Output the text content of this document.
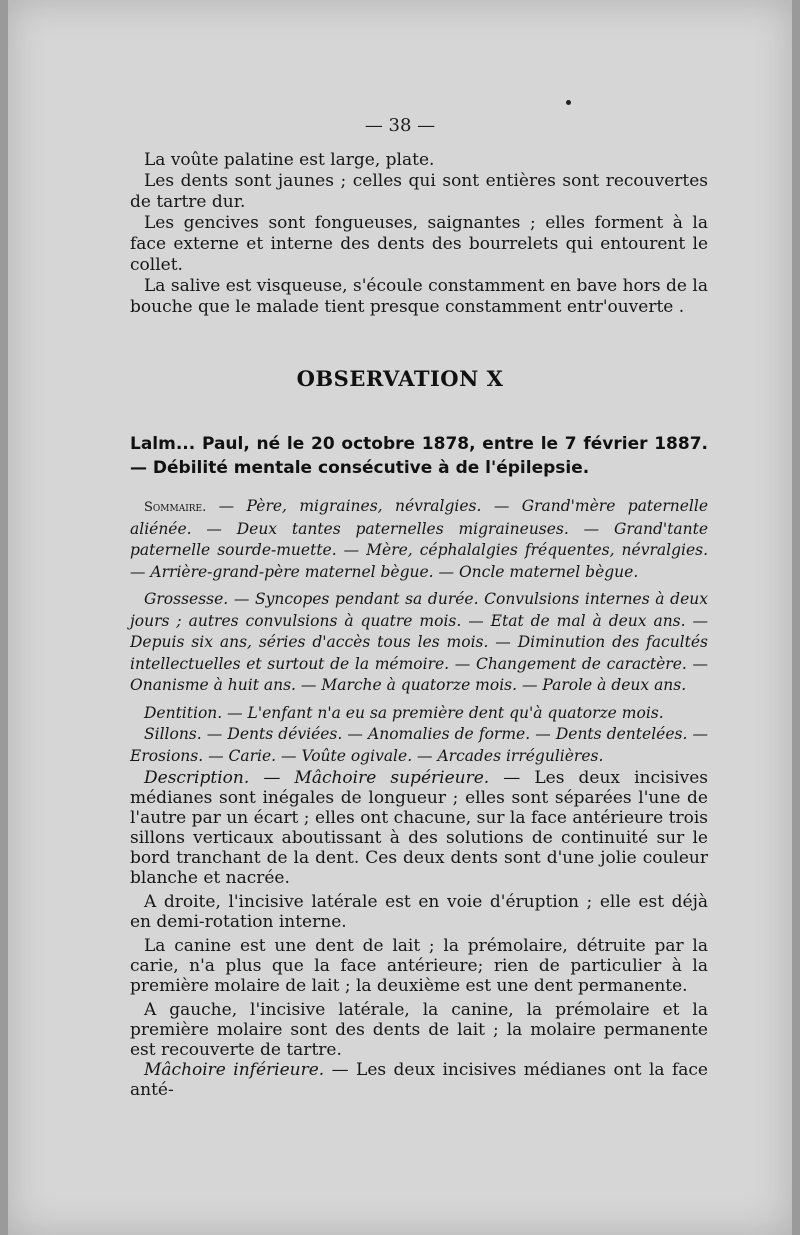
— 38 —

La voûte palatine est large, plate.

Les dents sont jaunes ; celles qui sont entières sont recouvertes de tartre dur.

Les gencives sont fongueuses, saignantes ; elles forment à la face externe et interne des dents des bourrelets qui entourent le collet.

La salive est visqueuse, s'écoule constamment en bave hors de la bouche que le malade tient presque constamment entr'ouverte .

OBSERVATION X
Lalm... Paul, né le 20 octobre 1878, entre le 7 février 1887. — Débilité mentale consécutive à de l'épilepsie.

Sommaire. — Père, migraines, névralgies. — Grand'mère paternelle aliénée. — Deux tantes paternelles migraineuses. — Grand'tante paternelle sourde-muette. — Mère, céphalalgies fréquentes, névralgies. — Arrière-grand-père maternel bègue. — Oncle maternel bègue.

Grossesse. — Syncopes pendant sa durée. Convulsions internes à deux jours ; autres convulsions à quatre mois. — Etat de mal à deux ans. — Depuis six ans, séries d'accès tous les mois. — Diminution des facultés intellectuelles et surtout de la mémoire. — Changement de caractère. — Onanisme à huit ans. — Marche à quatorze mois. — Parole à deux ans.

Dentition. — L'enfant n'a eu sa première dent qu'à quatorze mois.

Sillons. — Dents déviées. — Anomalies de forme. — Dents dentelées. — Erosions. — Carie. — Voûte ogivale. — Arcades irrégulières.

Description. — Mâchoire supérieure. — Les deux incisives médianes sont inégales de longueur ; elles sont séparées l'une de l'autre par un écart ; elles ont chacune, sur la face antérieure trois sillons verticaux aboutissant à des solutions de continuité sur le bord tranchant de la dent. Ces deux dents sont d'une jolie couleur blanche et nacrée.

A droite, l'incisive latérale est en voie d'éruption ; elle est déjà en demi-rotation interne.

La canine est une dent de lait ; la prémolaire, détruite par la carie, n'a plus que la face antérieure; rien de particulier à la première molaire de lait ; la deuxième est une dent permanente.

A gauche, l'incisive latérale, la canine, la prémolaire et la première molaire sont des dents de lait ; la molaire permanente est recouverte de tartre.

Mâchoire inférieure. — Les deux incisives médianes ont la face anté-
